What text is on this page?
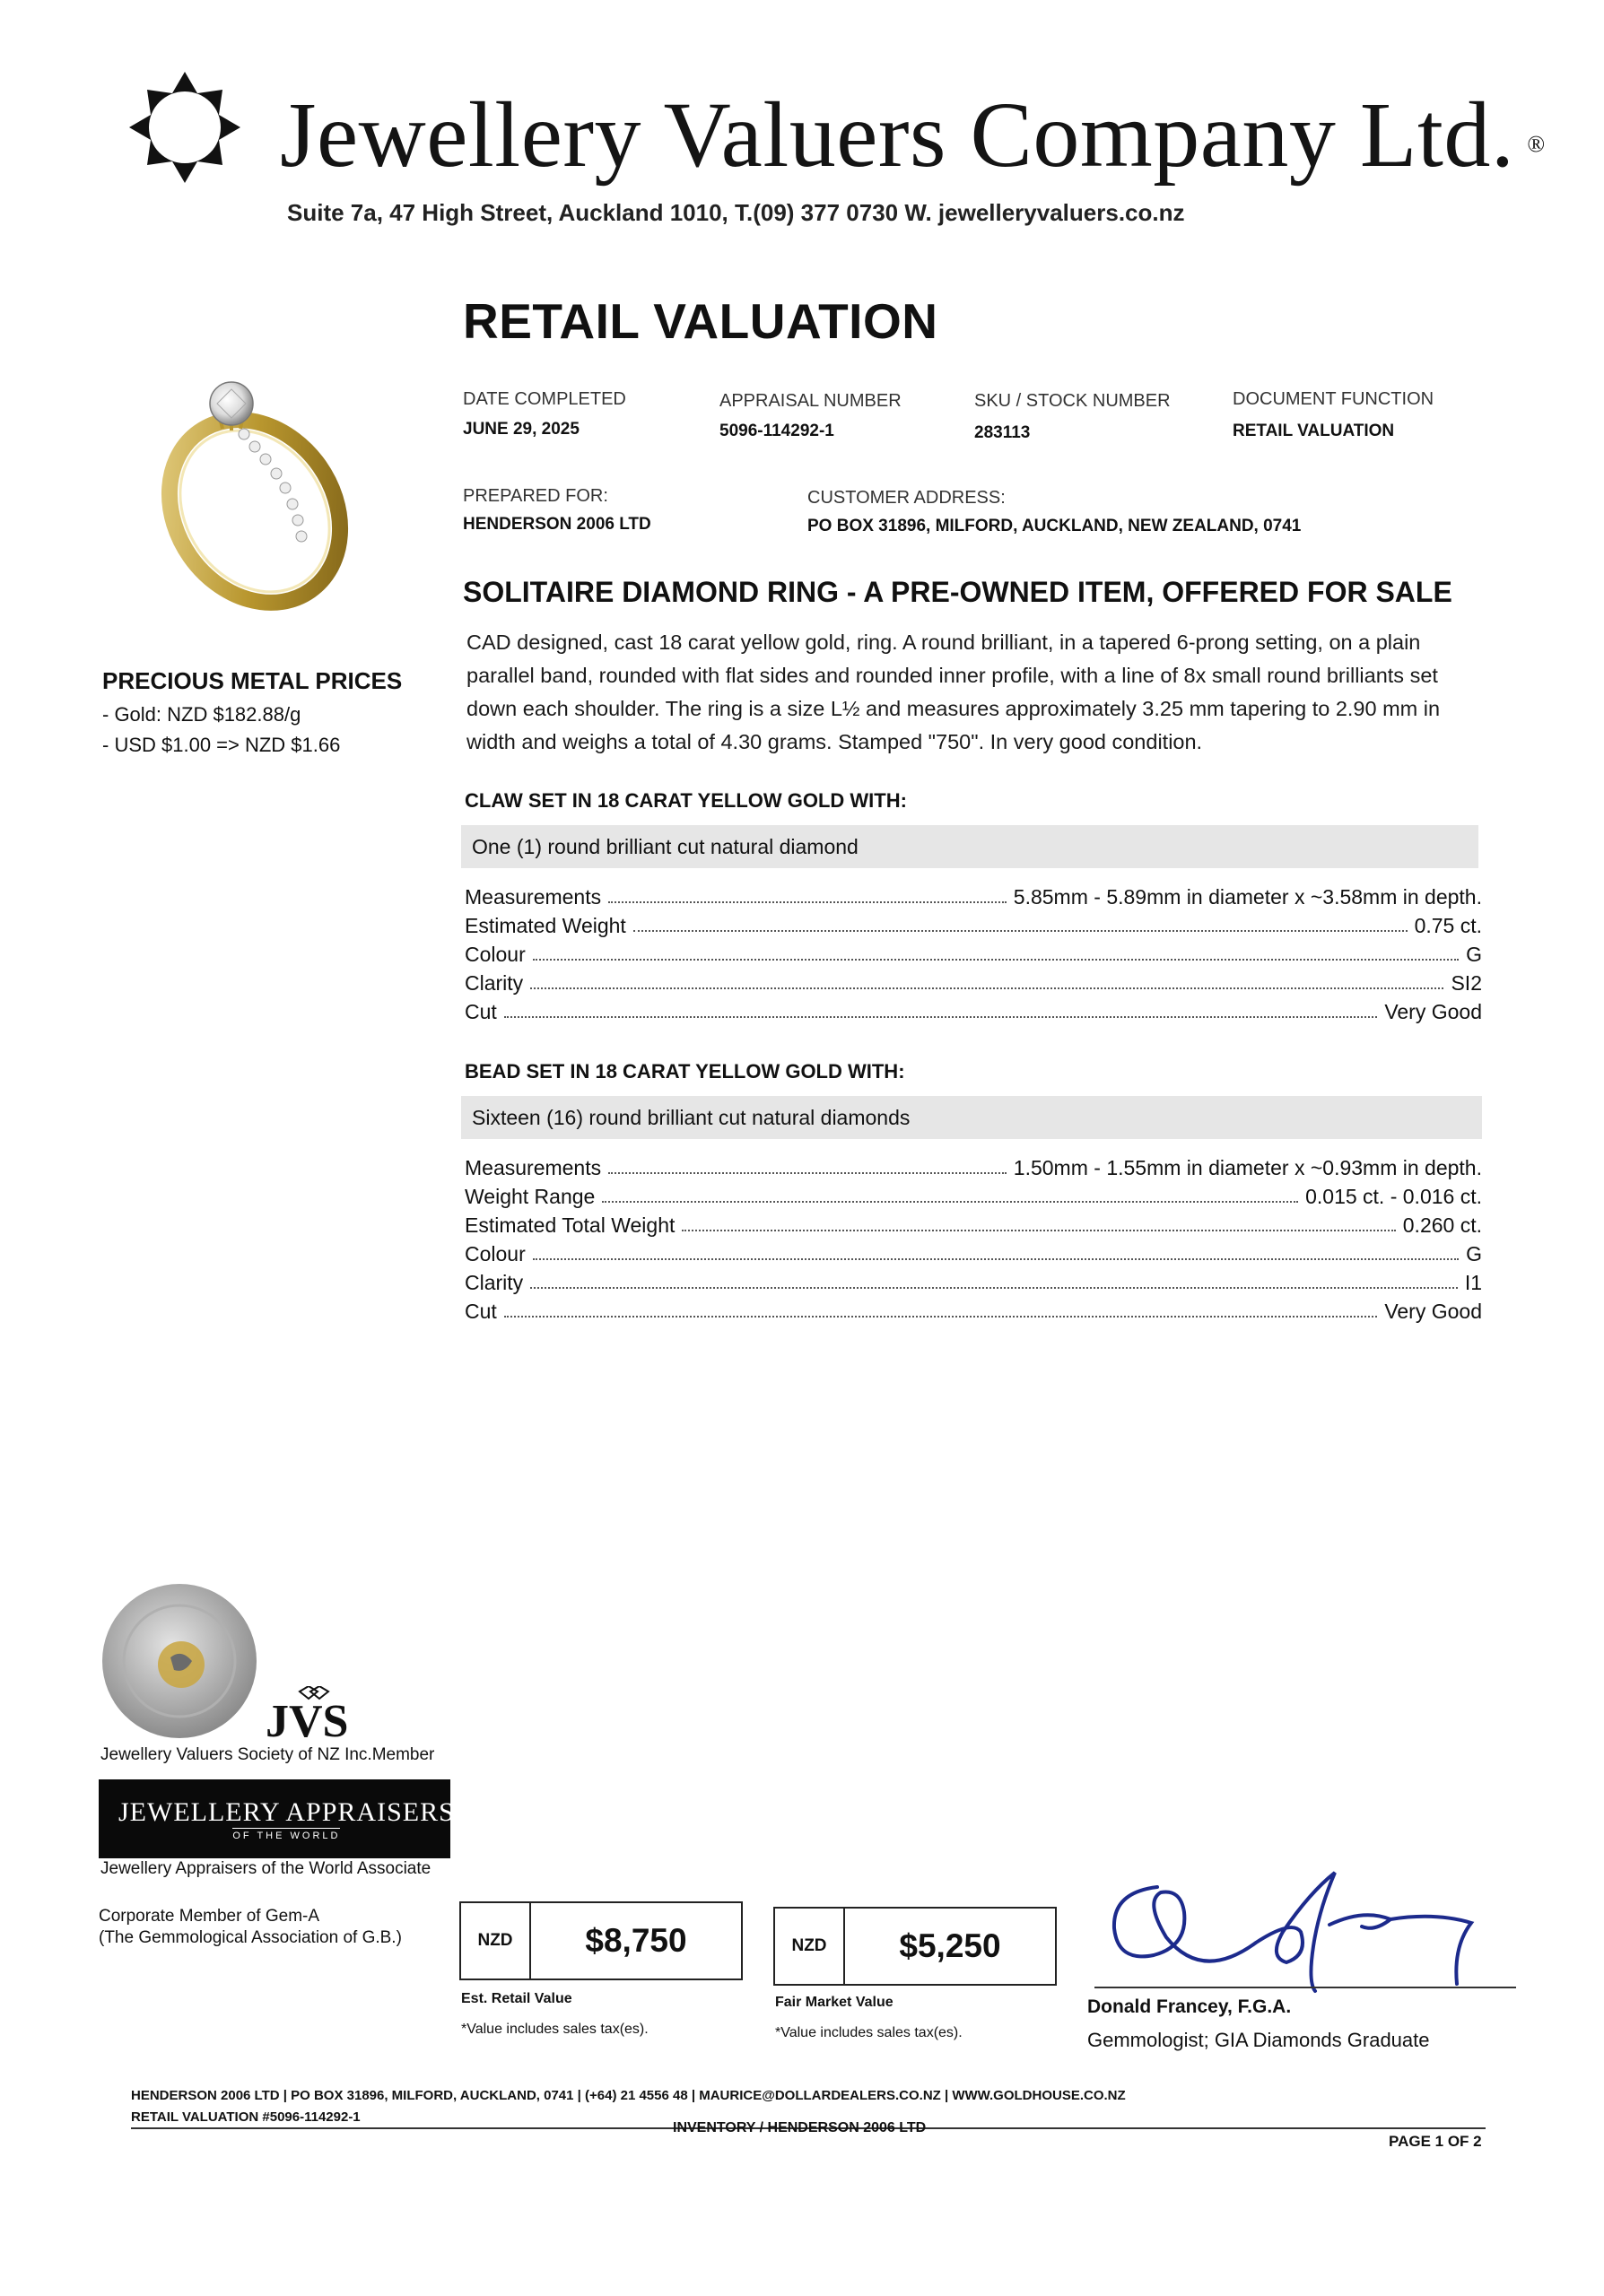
Jewellery Valuers Company Ltd. ®
Suite 7a, 47 High Street, Auckland 1010, T.(09) 377 0730 W. jewelleryvaluers.co.nz
RETAIL VALUATION
DATE COMPLETED
JUNE 29, 2025
APPRAISAL NUMBER
5096-114292-1
SKU / STOCK NUMBER
283113
DOCUMENT FUNCTION
RETAIL VALUATION
PREPARED FOR:
HENDERSON 2006 LTD
CUSTOMER ADDRESS:
PO BOX 31896, MILFORD, AUCKLAND, NEW ZEALAND, 0741
PRECIOUS METAL PRICES
- Gold: NZD $182.88/g
- USD $1.00 => NZD $1.66
SOLITAIRE DIAMOND RING - A PRE-OWNED ITEM, OFFERED FOR SALE
CAD designed, cast 18 carat yellow gold, ring. A round brilliant, in a tapered 6-prong setting, on a plain parallel band, rounded with flat sides and rounded inner profile, with a line of 8x small round brilliants set down each shoulder. The ring is a size L½ and measures approximately 3.25 mm tapering to 2.90 mm in width and weighs a total of 4.30 grams. Stamped "750". In very good condition.
CLAW SET IN 18 CARAT YELLOW GOLD WITH:
One (1) round brilliant cut natural diamond
Measurements	5.85mm - 5.89mm in diameter x ~3.58mm in depth.
Estimated Weight	0.75 ct.
Colour	G
Clarity	SI2
Cut	Very Good
BEAD SET IN 18 CARAT YELLOW GOLD WITH:
Sixteen (16) round brilliant cut natural diamonds
Measurements	1.50mm - 1.55mm in diameter x ~0.93mm in depth.
Weight Range	0.015 ct. - 0.016 ct.
Estimated Total Weight	0.260 ct.
Colour	G
Clarity	I1
Cut	Very Good
JVS
Jewellery Valuers Society of NZ Inc.Member
JEWELLERY APPRAISERS
OF THE WORLD
Jewellery Appraisers of the World Associate
Corporate Member of Gem-A
(The Gemmological Association of G.B.)	NZD	$8,750
Est. Retail Value
*Value includes sales tax(es).
NZD	$5,250
Fair Market Value
*Value includes sales tax(es).
Donald Francey, F.G.A.
Gemmologist; GIA Diamonds Graduate
HENDERSON 2006 LTD | PO BOX 31896, MILFORD, AUCKLAND, 0741 | (+64) 21 4556 48 | MAURICE@DOLLARDEALERS.CO.NZ | WWW.GOLDHOUSE.CO.NZ
RETAIL VALUATION #5096-114292-1
INVENTORY / HENDERSON 2006 LTD
PAGE 1 OF 2
